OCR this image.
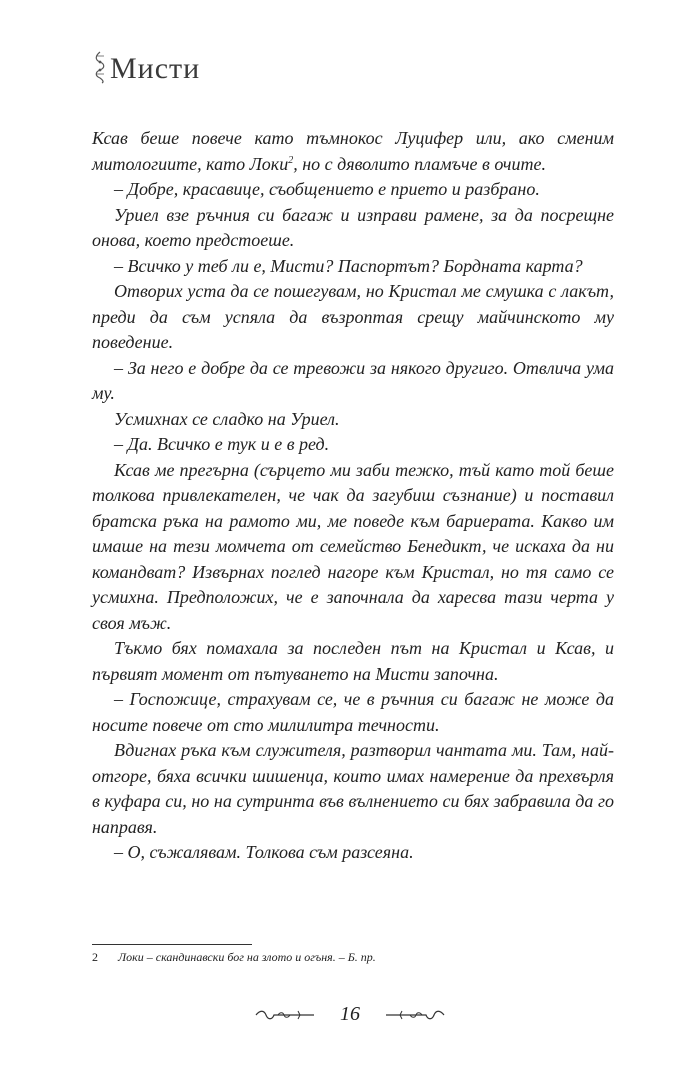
Мисти

Ксав беше повече като тъмнокос Луцифер или, ако сменим митологиите, като Локи$^2$, но с дяволито пламъче в очите.

– Добре, красавице, съобщението е прието и разбрано.

Уриел взе ръчния си багаж и изправи рамене, за да посрещне онова, което предстоеше.

– Всичко у теб ли е, Мисти? Паспортът? Бордната карта?

Отворих уста да се пошегувам, но Кристал ме смушка с лакът, преди да съм успяла да възроптая срещу майчинското му поведение.

– За него е добре да се тревожи за някого другиго. Отвлича ума му.

Усмихнах се сладко на Уриел.

– Да. Всичко е тук и е в ред.

Ксав ме прегърна (сърцето ми заби тежко, тъй като той беше толкова привлекателен, че чак да загубиш съзнание) и поставил братска ръка на рамото ми, ме поведе към бариерата. Какво им имаше на тези момчета от семейство Бенедикт, че искаха да ни командват? Извърнах поглед нагоре към Кристал, но тя само се усмихна. Предположих, че е започнала да харесва тази черта у своя мъж.

Тъкмо бях помахала за последен път на Кристал и Ксав, и първият момент от пътуването на Мисти започна.

– Госпожице, страхувам се, че в ръчния си багаж не може да носите повече от сто милилитра течности.

Вдигнах ръка към служителя, разтворил чантата ми. Там, най-отгоре, бяха всички шишенца, които имах намерение да прехвърля в куфара си, но на сутринта във вълнението си бях забравила да го направя.

– О, съжалявам. Толкова съм разсеяна.

2	Локи – скандинавски бог на злото и огъня. – Б. пр.
16
